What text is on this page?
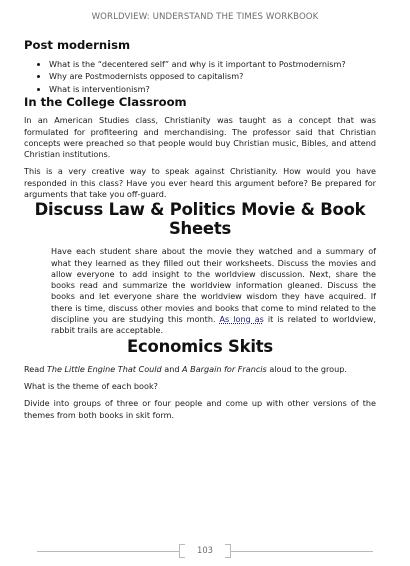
WORLDVIEW: UNDERSTAND THE TIMES WORKBOOK
Post modernism
• What is the “decentered self” and why is it important to Postmodernism?
• Why are Postmodernists opposed to capitalism?
• What is interventionism?
In the College Classroom

In an American Studies class, Christianity was taught as a concept that was formulated for profiteering and merchandising. The professor said that Christian concepts were preached so that people would buy Christian music, Bibles, and attend Christian institutions.

This is a very creative way to speak against Christianity. How would you have responded in this class? Have you ever heard this argument before? Be prepared for arguments that take you off-guard.

Discuss Law & Politics Movie & Book Sheets

Have each student share about the movie they watched and a summary of what they learned as they filled out their worksheets. Discuss the movies and allow everyone to add insight to the worldview discussion. Next, share the books read and summarize the worldview information gleaned. Discuss the books and let everyone share the worldview wisdom they have acquired. If there is time, discuss other movies and books that come to mind related to the discipline you are studying this month. As long as it is related to worldview, rabbit trails are acceptable.

Economics Skits

Read The Little Engine That Could and A Bargain for Francis aloud to the group.

What is the theme of each book?

Divide into groups of three or four people and come up with other versions of the themes from both books in skit form.

103
